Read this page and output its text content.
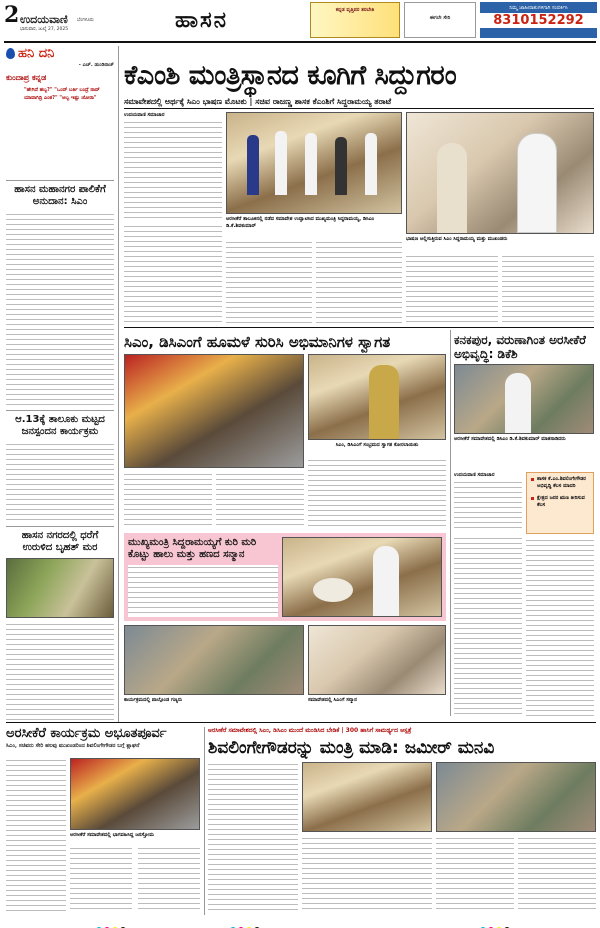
2 ಉದಯವಾಣಿ ಬೆಂಗಳೂರು
ಭಾನುವಾರ, ಜುಲೈ 27, 2025	ಹಾಸನ	ಕನ್ನಡ ವೃತ್ತಿಪರ ತರಬೇತಿ
ಈಗಲೇ ಸೇರಿ
ನಿಮ್ಮ ಜಾಹೀರಾತುಗಳಿಗಾಗಿ ಸಂಪರ್ಕಿಸಿ
8310152292
ಹನಿ ದನಿ
- ಎಚ್. ಡುಂಡಿರಾಜ್
ಕುಂದಾಪ್ರ ಕನ್ನಡ
"ಹೇಗಿದೆ ಹಬ್ಬ?" "ಒಂದ್ ಬರ್ತಿ ಬಂದ್ರೆ ನಾವ್ ಯಾವಾಗಿದ್ರಿ ಎಂತ?" "ಅಬ್ಬ ಇಷ್ಟು ಜೋರಾ"
ಹಾಸನ ಮಹಾನಗರ ಪಾಲಿಕೆಗೆ ಅನುದಾನ: ಸಿಎಂ
ಆ.13ಕ್ಕೆ ತಾಲೂಕು ಮಟ್ಟದ ಜನಸ್ಪಂದನ ಕಾರ್ಯಕ್ರಮ
ಹಾಸನ ನಗರದಲ್ಲಿ ಧರೆಗೆ ಉರುಳಿದ ಬೃಹತ್ ಮರ
ಕೆಎಂಶಿ ಮಂತ್ರಿಸ್ಥಾನದ ಕೂಗಿಗೆ ಸಿದ್ದುಗರಂ
ಸಮಾವೇಶದಲ್ಲಿ ಅರ್ಥಕ್ಕೆ ಸಿಎಂ ಭಾಷಣ ಮೊಟಕು | ಸಚಿವ ರಾಜಣ್ಣ ಶಾಸಕ ಕೆಎಂಶಿಗೆ ಸಿದ್ದರಾಮಯ್ಯ ತರಾಟೆ
ಉದಯವಾಣಿ ಸಮಾಚಾರ
ಅರಸೀಕೆರೆ ತಾಲೂಕಿನಲ್ಲಿ ನಡೆದ ಸಮಾವೇಶ ಉದ್ಘಾಟಿಸಿದ ಮುಖ್ಯಮಂತ್ರಿ ಸಿದ್ದರಾಮಯ್ಯ, ಡಿಸಿಎಂ ಡಿ.ಕೆ.ಶಿವಕುಮಾರ್
ಭಾಷಣ ಆಲ್ಲಿಸುತ್ತಿರುವ ಸಿಎಂ ಸಿದ್ದರಾಮಯ್ಯ ಮತ್ತು ಮುಖಂಡರು
ಸಿಎಂ, ಡಿಸಿಎಂಗೆ ಹೂಮಳೆ ಸುರಿಸಿ ಅಭಿಮಾನಿಗಳ ಸ್ವಾಗತ
ಸಿಎಂ, ಡಿಸಿಎಂಗೆ ಸಂಭ್ರಮದ ಸ್ವಾಗತ ಕೋರಲಾಯಿತು
ಕನಕಪುರ, ವರುಣಾಗಿಂತ ಅರಸೀಕೆರೆ ಅಭಿವೃದ್ಧಿ: ಡಿಕೆಶಿ
ಅರಸೀಕೆರೆ ಸಮಾವೇಶದಲ್ಲಿ ಡಿಸಿಎಂ ಡಿ.ಕೆ.ಶಿವಕುಮಾರ್ ಮಾತನಾಡಿದರು
ಉದಯವಾಣಿ ಸಮಾಚಾರ
ಶಾಸಕ ಕೆ.ಎಂ.ಶಿವಲಿಂಗೇಗೌಡರ ಅಭಿವೃದ್ಧಿ ಕೆಲಸ ಮಾದರಿ
ಕ್ಷೇತ್ರದ ಜನರ ಋಣ ತೀರಿಸುವ ಕೆಲಸ
ಮುಖ್ಯಮಂತ್ರಿ ಸಿದ್ದರಾಮಯ್ಯಗೆ ಕುರಿ ಮರಿ ಕೊಟ್ಟು ಹಾಲು ಮತ್ತು ಹಣದ ಸನ್ಮಾನ
ಕಾರ್ಯಕ್ರಮದಲ್ಲಿ ಪಾಲ್ಗೊಂಡ ಗಣ್ಯರು	ಸಮಾವೇಶದಲ್ಲಿ ಸಿಎಂಗೆ ಸನ್ಮಾನ
ಅರಸೀಕೆರೆ ಕಾರ್ಯಕ್ರಮ ಅಭೂತಪೂರ್ವ
ಸಿಎಂ, ಸಚಿವರು ಸೇರಿ ಹಲವು ಮುಖಂಡರಿಂದ ಶಿವಲಿಂಗೇಗೌಡರ ಬಗ್ಗೆ ಶ್ಲಾಘನೆ
ಅರಸೀಕೆರೆ ಸಮಾವೇಶದಲ್ಲಿ ಭಾಗವಹಿಸಿದ್ದ ಜನಸ್ತೋಮ
ಅರಸೀಕೆರೆ ಸಮಾವೇಶದಲ್ಲಿ ಸಿಎಂ, ಡಿಸಿಎಂ ಮುಂದೆ ಮಂಡಿಸಿದ ಬೇಡಿಕೆ | 300 ಹಾಸಿಗೆ ಸಾಮರ್ಥ್ಯದ ಆಸ್ಪತ್ರೆ
ಶಿವಲಿಂಗೇಗೌಡರನ್ನು ಮಂತ್ರಿ ಮಾಡಿ: ಜಮೀರ್ ಮನವಿ
